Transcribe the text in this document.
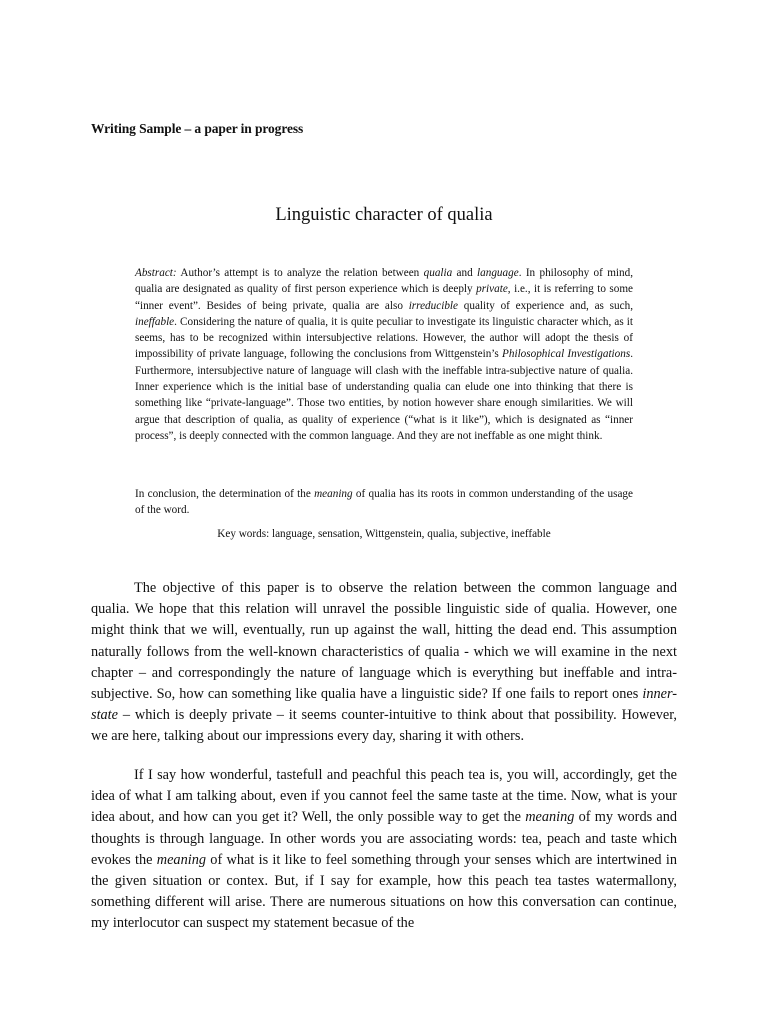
Writing Sample – a paper in progress
Linguistic character of qualia

Abstract: Author’s attempt is to analyze the relation between qualia and language. In philosophy of mind, qualia are designated as quality of first person experience which is deeply private, i.e., it is referring to some “inner event”. Besides of being private, qualia are also irreducible quality of experience and, as such, ineffable. Considering the nature of qualia, it is quite peculiar to investigate its linguistic character which, as it seems, has to be recognized within intersubjective relations. However, the author will adopt the thesis of impossibility of private language, following the conclusions from Wittgenstein’s Philosophical Investigations. Furthermore, intersubjective nature of language will clash with the ineffable intra-subjective nature of qualia. Inner experience which is the initial base of understanding qualia can elude one into thinking that there is something like “private-language”. Those two entities, by notion however share enough similarities. We will argue that description of qualia, as quality of experience (“what is it like”), which is designated as “inner process”, is deeply connected with the common language. And they are not ineffable as one might think.

In conclusion, the determination of the meaning of qualia has its roots in common understanding of the usage of the word.

Key words: language, sensation, Wittgenstein, qualia, subjective, ineffable

The objective of this paper is to observe the relation between the common language and qualia. We hope that this relation will unravel the possible linguistic side of qualia. However, one might think that we will, eventually, run up against the wall, hitting the dead end. This assumption naturally follows from the well-known characteristics of qualia - which we will examine in the next chapter – and correspondingly the nature of language which is everything but ineffable and intra-subjective. So, how can something like qualia have a linguistic side? If one fails to report ones inner-state – which is deeply private – it seems counter-intuitive to think about that possibility. However, we are here, talking about our impressions every day, sharing it with others.

If I say how wonderful, tastefull and peachful this peach tea is, you will, accordingly, get the idea of what I am talking about, even if you cannot feel the same taste at the time. Now, what is your idea about, and how can you get it? Well, the only possible way to get the meaning of my words and thoughts is through language. In other words you are associating words: tea, peach and taste which evokes the meaning of what is it like to feel something through your senses which are intertwined in the given situation or contex. But, if I say for example, how this peach tea tastes watermallony, something different will arise. There are numerous situations on how this conversation can continue, my interlocutor can suspect my statement becasue of the
